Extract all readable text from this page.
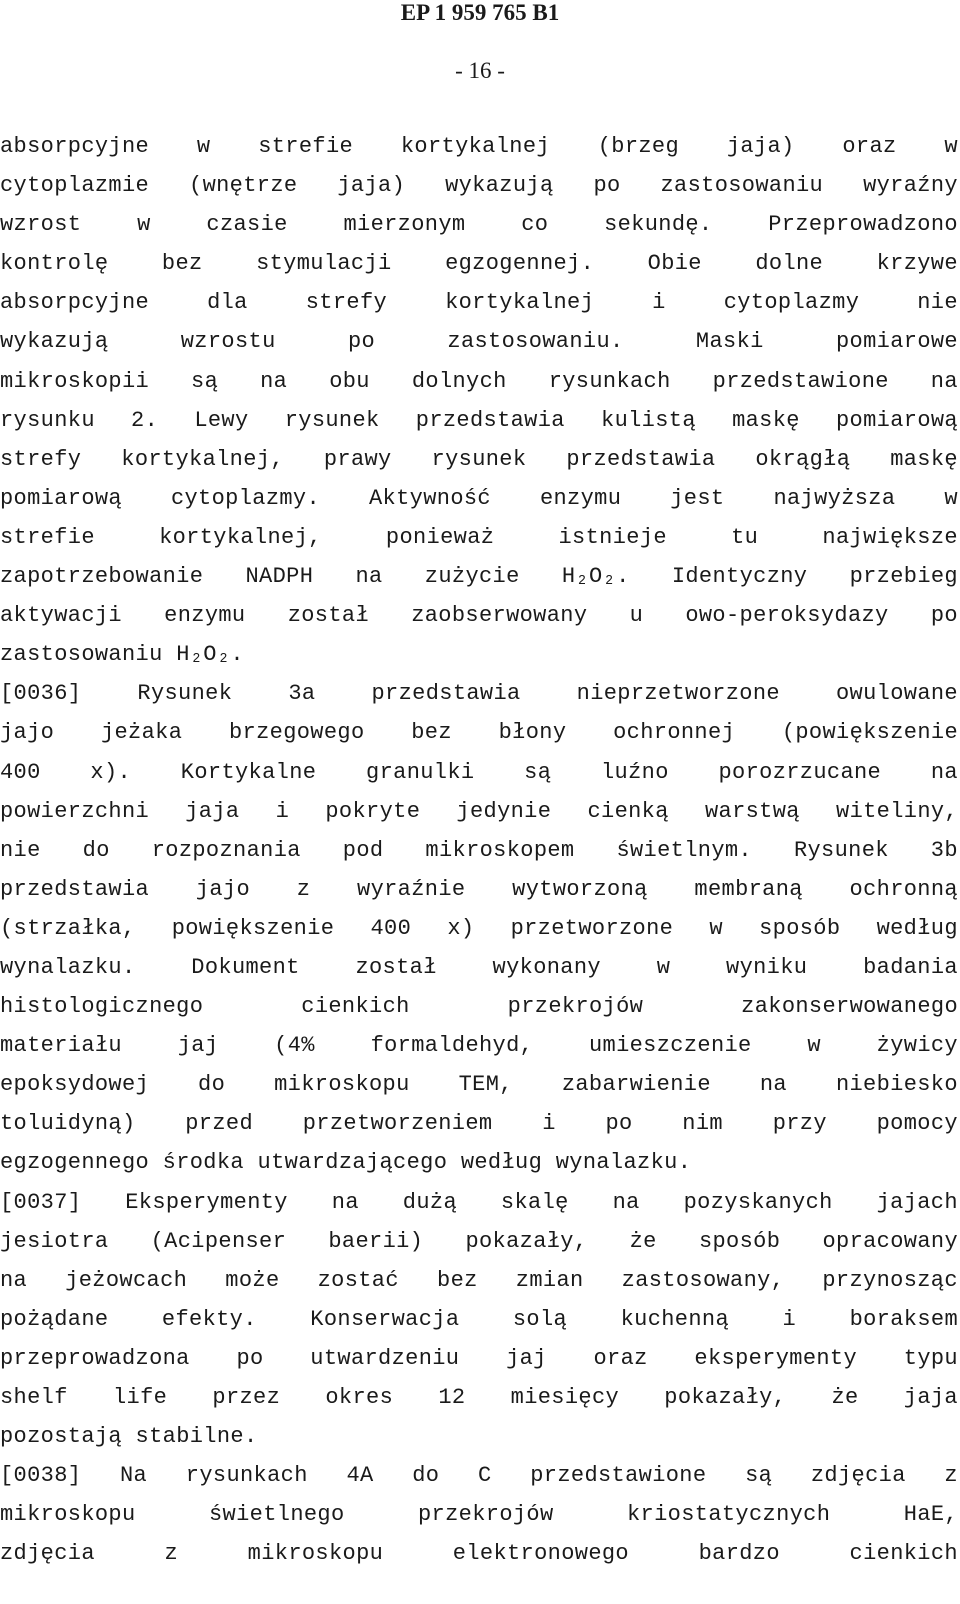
EP 1 959 765 B1
- 16 -
absorpcyjne w strefie kortykalnej (brzeg jaja) oraz w
cytoplazmie (wnętrze jaja) wykazują po zastosowaniu wyraźny
wzrost	w	czasie	mierzonym	co	sekundę.	Przeprowadzono
kontrolę bez stymulacji egzogennej. Obie dolne krzywe
absorpcyjne	dla	strefy	kortykalnej	i	cytoplazmy	nie
wykazują	wzrostu	po	zastosowaniu.	Maski	pomiarowe
mikroskopii są na obu dolnych rysunkach przedstawione na
rysunku 2. Lewy rysunek przedstawia kulistą maskę pomiarową
strefy kortykalnej, prawy rysunek przedstawia okrągłą maskę
pomiarową cytoplazmy. Aktywność enzymu jest najwyższa w
strefie	kortykalnej,	ponieważ	istnieje	tu	największe
zapotrzebowanie NADPH na zużycie H₂O₂. Identyczny przebieg
aktywacji enzymu został zaobserwowany u owo-peroksydazy po
zastosowaniu H₂O₂.
[0036]	Rysunek	3a	przedstawia	nieprzetworzone	owulowane
jajo jeżaka brzegowego bez błony ochronnej (powiększenie
400 x). Kortykalne granulki są luźno porozrzucane na
powierzchni jaja i pokryte jedynie cienką warstwą witeliny,
nie do rozpoznania pod mikroskopem świetlnym. Rysunek 3b
przedstawia jajo z wyraźnie wytworzoną membraną ochronną
(strzałka, powiększenie 400 x) przetworzone w sposób według
wynalazku.	Dokument	został	wykonany	w	wyniku	badania
histologicznego	cienkich	przekrojów	zakonserwowanego
materiału	jaj	(4%	formaldehyd,	umieszczenie	w	żywicy
epoksydowej do mikroskopu TEM, zabarwienie na niebiesko
toluidyną) przed przetworzeniem i po nim przy pomocy
egzogennego środka utwardzającego według wynalazku.
[0037] Eksperymenty na dużą skalę na pozyskanych jajach
jesiotra (Acipenser baerii) pokazały, że sposób opracowany
na jeżowcach może zostać bez zmian zastosowany, przynosząc
pożądane efekty. Konserwacja solą kuchenną i boraksem
przeprowadzona po utwardzeniu jaj oraz eksperymenty typu
shelf life przez okres 12 miesięcy pokazały, że jaja
pozostają stabilne.
[0038] Na rysunkach 4A do C przedstawione są zdjęcia z
mikroskopu	świetlnego	przekrojów	kriostatycznych	HaE,
zdjęcia	z	mikroskopu	elektronowego	bardzo	cienkich
